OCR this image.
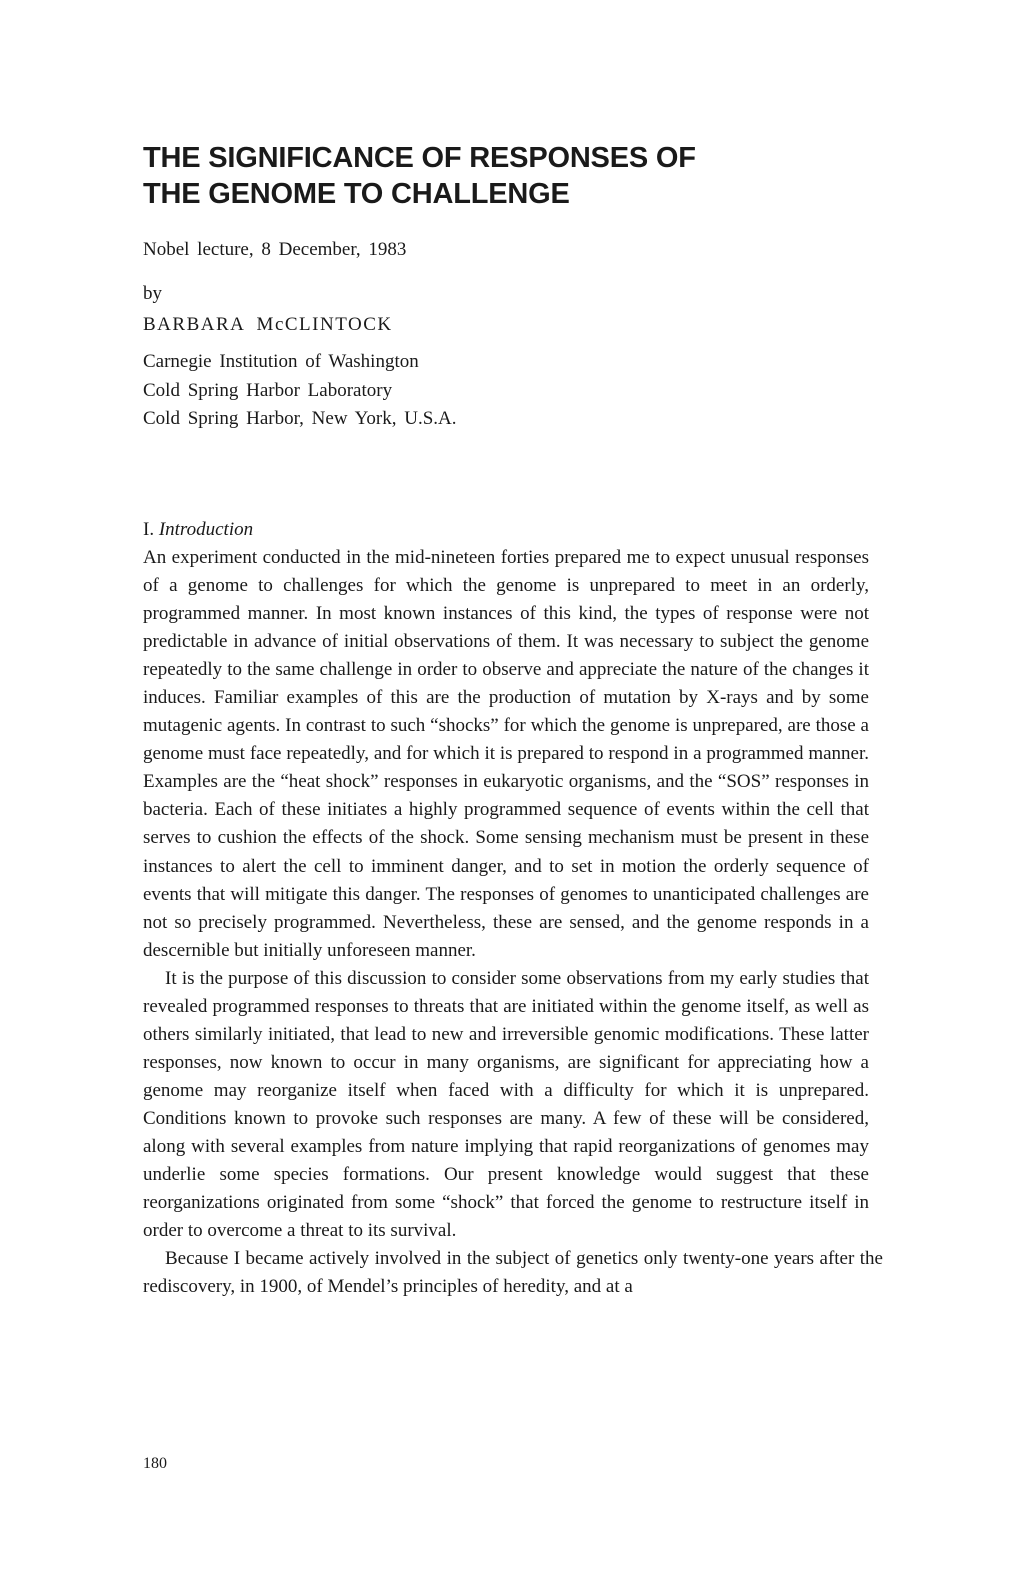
THE SIGNIFICANCE OF RESPONSES OF
THE GENOME TO CHALLENGE
Nobel lecture, 8 December, 1983
by
BARBARA McCLINTOCK
Carnegie Institution of Washington
Cold Spring Harbor Laboratory
Cold Spring Harbor, New York, U.S.A.
I. Introduction

An experiment conducted in the mid-nineteen forties prepared me to expect unusual responses of a genome to challenges for which the genome is unprepared to meet in an orderly, programmed manner. In most known instances of this kind, the types of response were not predictable in advance of initial observations of them. It was necessary to subject the genome repeatedly to the same challenge in order to observe and appreciate the nature of the changes it induces. Familiar examples of this are the production of mutation by X-rays and by some mutagenic agents. In contrast to such “shocks” for which the genome is unprepared, are those a genome must face repeatedly, and for which it is prepared to respond in a programmed manner. Examples are the “heat shock” responses in eukaryotic organisms, and the “SOS” responses in bacteria. Each of these initiates a highly programmed sequence of events within the cell that serves to cushion the effects of the shock. Some sensing mechanism must be present in these instances to alert the cell to imminent danger, and to set in motion the orderly sequence of events that will mitigate this danger. The responses of genomes to unanticipated challenges are not so precisely programmed. Nevertheless, these are sensed, and the genome responds in a descernible but initially unforeseen manner.

It is the purpose of this discussion to consider some observations from my early studies that revealed programmed responses to threats that are initiated within the genome itself, as well as others similarly initiated, that lead to new and irreversible genomic modifications. These latter responses, now known to occur in many organisms, are significant for appreciating how a genome may reorganize itself when faced with a difficulty for which it is unprepared. Conditions known to provoke such responses are many. A few of these will be considered, along with several examples from nature implying that rapid reorganizations of genomes may underlie some species formations. Our present knowledge would suggest that these reorganizations originated from some “shock” that forced the genome to restructure itself in order to overcome a threat to its survival.

Because I became actively involved in the subject of genetics only twenty-one years after the rediscovery, in 1900, of Mendel’s principles of heredity, and at a

180
